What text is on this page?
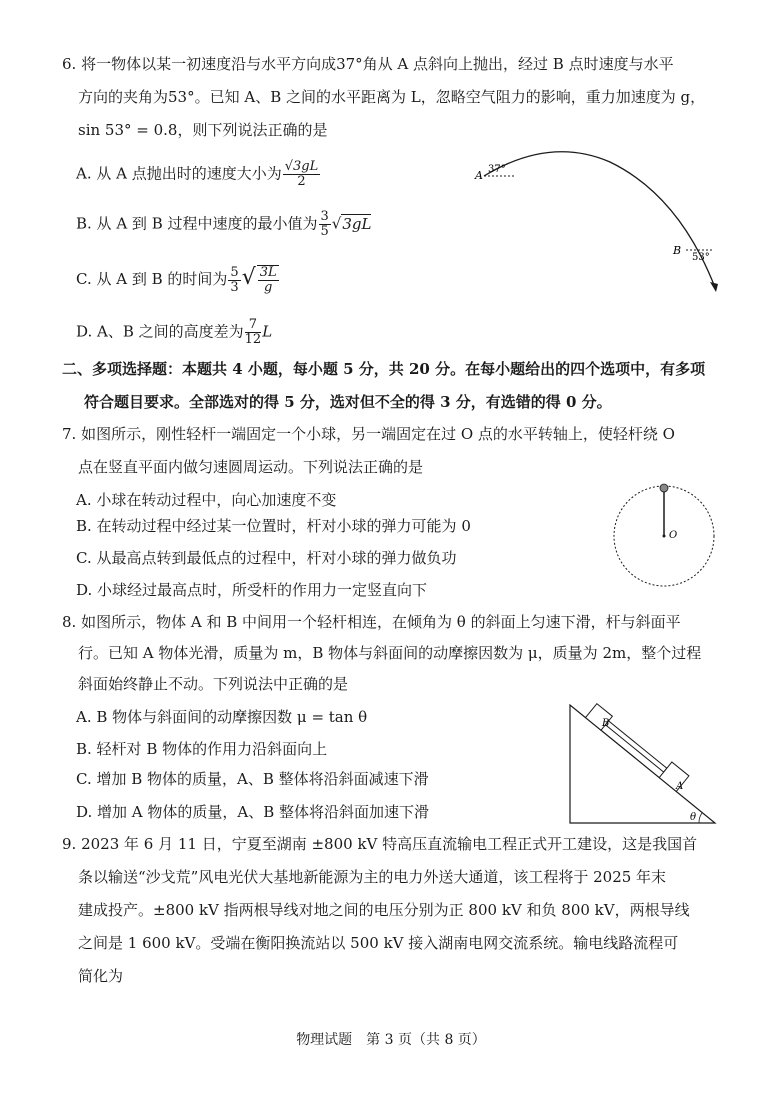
6. 将一物体以某一初速度沿与水平方向成37°角从 A 点斜向上抛出，经过 B 点时速度与水平
方向的夹角为53°。已知 A、B 之间的水平距离为 L，忽略空气阻力的影响，重力加速度为 g，
sin 53° = 0.8，则下列说法正确的是
A. 从 A 点抛出时的速度大小为 $\frac{√3gL}{2}$
B. 从 A 到 B 过程中速度的最小值为 $\frac{3}{5} √3gL$
C. 从 A 到 B 的时间为 $\frac{5}{3}$ √ $\frac{3L}{g}$
D. A、B 之间的高度差为 $\frac{7}{12}$ L
A 37°
B
53°
二、多项选择题：本题共 4 小题，每小题 5 分，共 20 分。在每小题给出的四个选项中，有多项
符合题目要求。全部选对的得 5 分，选对但不全的得 3 分，有选错的得 0 分。
7. 如图所示，刚性轻杆一端固定一个小球，另一端固定在过 O 点的水平转轴上，使轻杆绕 O
点在竖直平面内做匀速圆周运动。下列说法正确的是
A. 小球在转动过程中，向心加速度不变
B. 在转动过程中经过某一位置时，杆对小球的弹力可能为 0
C. 从最高点转到最低点的过程中，杆对小球的弹力做负功
D. 小球经过最高点时，所受杆的作用力一定竖直向下
O
8. 如图所示，物体 A 和 B 中间用一个轻杆相连，在倾角为 θ 的斜面上匀速下滑，杆与斜面平
行。已知 A 物体光滑，质量为 m，B 物体与斜面间的动摩擦因数为 μ，质量为 2m，整个过程
斜面始终静止不动。下列说法中正确的是
A. B 物体与斜面间的动摩擦因数 μ = tan θ
B. 轻杆对 B 物体的作用力沿斜面向上
C. 增加 B 物体的质量，A、B 整体将沿斜面减速下滑
D. 增加 A 物体的质量，A、B 整体将沿斜面加速下滑
B
A
θ
9. 2023 年 6 月 11 日，宁夏至湖南 ±800 kV 特高压直流输电工程正式开工建设，这是我国首
条以输送“沙戈荒”风电光伏大基地新能源为主的电力外送大通道，该工程将于 2025 年末
建成投产。±800 kV 指两根导线对地之间的电压分别为正 800 kV 和负 800 kV，两根导线
之间是 1 600 kV。受端在衡阳换流站以 500 kV 接入湖南电网交流系统。输电线路流程可
简化为
物理试题　第 3 页（共 8 页）
